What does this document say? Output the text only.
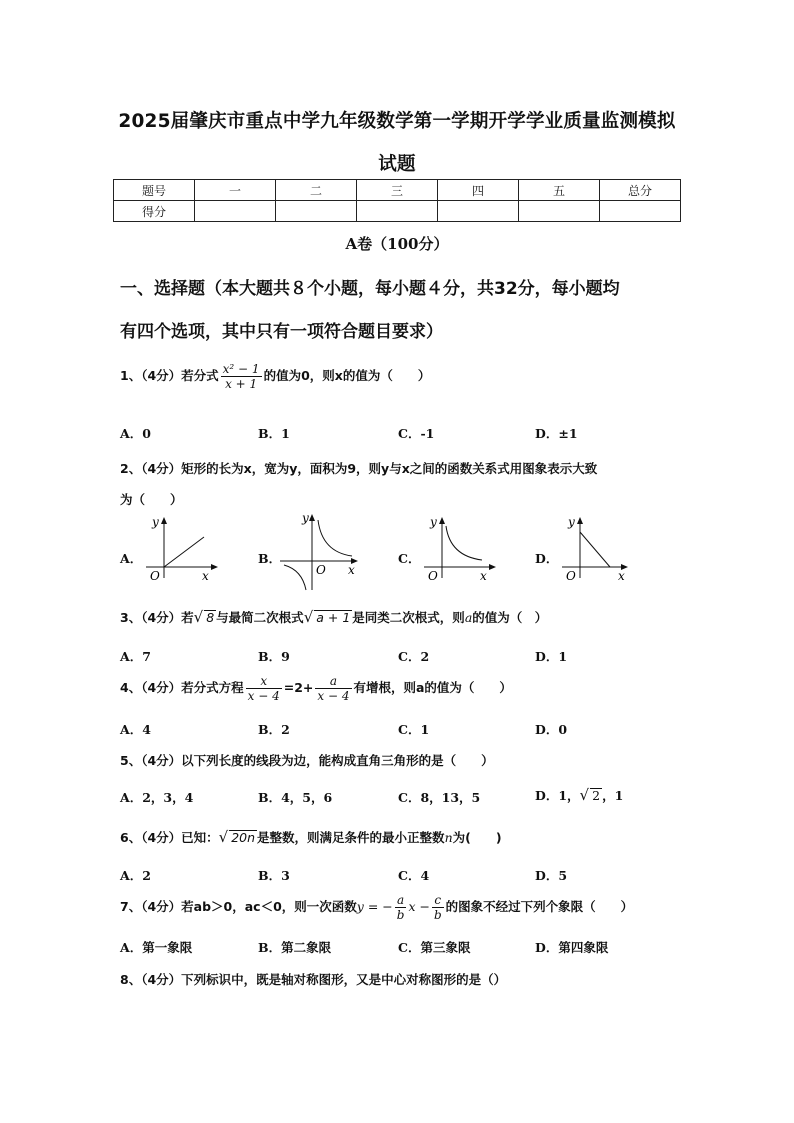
2025届肇庆市重点中学九年级数学第一学期开学学业质量监测模拟
试题
题号	一	二	三	四	五	总分
得分						
A卷（100分）
一、选择题（本大题共８个小题，每小题４分，共32分，每小题均
有四个选项，其中只有一项符合题目要求）
1、（4分）若分式 $\frac{\text{x² − 1}}{x + 1}$ 的值为0，则x的值为（　　）
A．0	B．1	C．-1	D．±1
2、（4分）矩形的长为x，宽为y，面积为9，则y与x之间的函数关系式用图象表示大致
为（　　）
A．
y
x
O
B．
y
x
O
C．
y
x
O
D．
y
x
O
3、（4分）若√ 8 与最简二次根式√ a + 1 是同类二次根式，则a的值为（　）
A．7	B．9	C．2	D．1
4、（4分）若分式方程 $\frac{x}{x - 4} =2+ \frac{a}{x - 4}$ 有增根，则a的值为（　　）
A．4	B．2	C．1	D．0
5、（4分）以下列长度的线段为边，能构成直角三角形的是（　　）
A．2，3，4	B．4，5，6	C．8，13，5	D．1，√ 2 ，1
6、（4分）已知：√ 20n 是整数，则满足条件的最小正整数n为(　　)
A．2	B．3	C．4	D．5
7、（4分）若ab＞0，ac＜0，则一次函数y = − $\frac{a}{b}$ $x - \frac{c}{b}$ 的图象不经过下列个象限（　　）
A．第一象限	B．第二象限	C．第三象限	D．第四象限
8、（4分）下列标识中，既是轴对称图形，又是中心对称图形的是（）
